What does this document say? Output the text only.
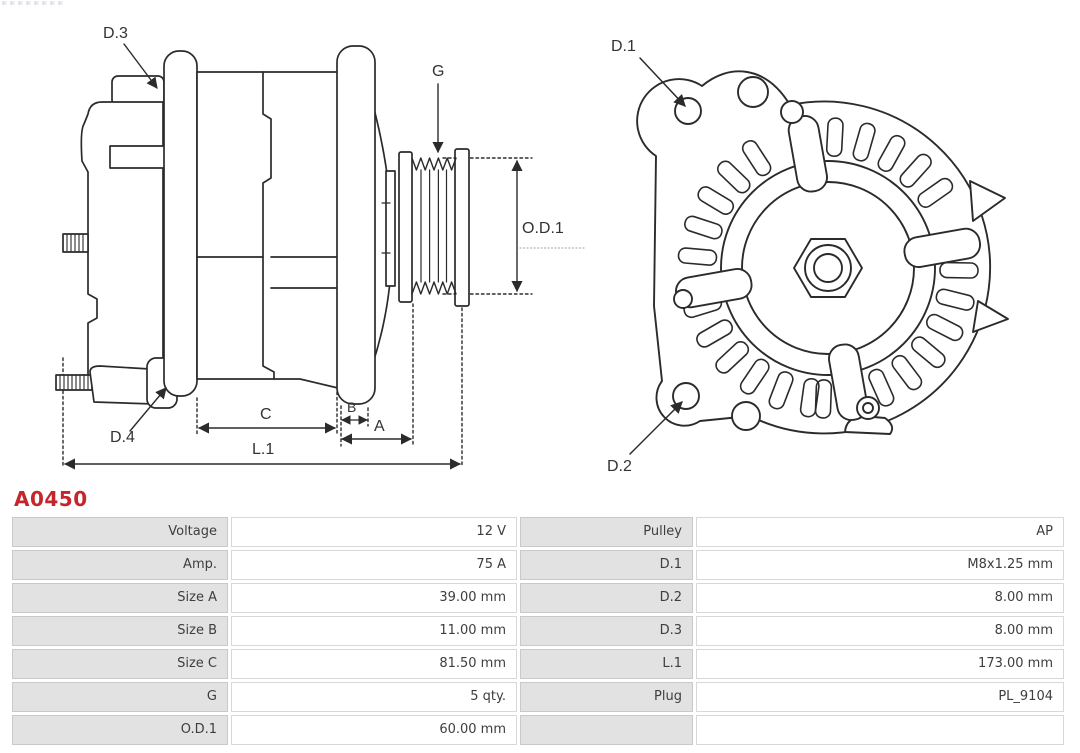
D.3
D.4
G
O.D.1
C	B
A
L.1
D.1
D.2
A0450
Voltage	12 V	Pulley	AP
Amp.	75 A	D.1	M8x1.25 mm
Size A	39.00 mm	D.2	8.00 mm
Size B	11.00 mm	D.3	8.00 mm
Size C	81.50 mm	L.1	173.00 mm
G	5 qty.	Plug	PL_9104
O.D.1	60.00 mm
